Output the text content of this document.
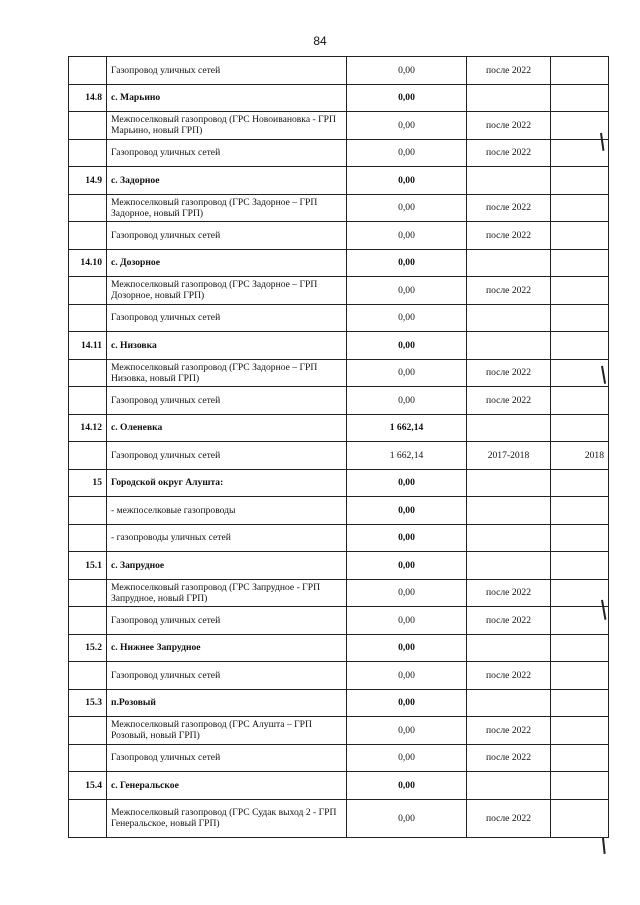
84
	Газопровод уличных сетей	0,00	после 2022	
14.8	с. Марьино	0,00		
	Межпоселковый газопровод (ГРС Новоивановка - ГРП Марьино, новый ГРП)	0,00	после 2022	
	Газопровод уличных сетей	0,00	после 2022	
14.9	с. Задорное	0,00		
	Межпоселковый газопровод (ГРС Задорное – ГРП Задорное, новый ГРП)	0,00	после 2022	
	Газопровод уличных сетей	0,00	после 2022	
14.10	с. Дозорное	0,00		
	Межпоселковый газопровод (ГРС Задорное – ГРП Дозорное, новый ГРП)	0,00	после 2022	
	Газопровод уличных сетей	0,00		
14.11	с. Низовка	0,00		
	Межпоселковый газопровод (ГРС Задорное – ГРП Низовка, новый ГРП)	0,00	после 2022	
	Газопровод уличных сетей	0,00	после 2022	
14.12	с. Оленевка	1 662,14		
	Газопровод уличных сетей	1 662,14	2017-2018	2018
15	Городской округ Алушта:	0,00		
	- межпоселковые газопроводы	0,00		
	- газопроводы уличных сетей	0,00		
15.1	с. Запрудное	0,00		
	Межпоселковый газопровод (ГРС Запрудное - ГРП Запрудное, новый ГРП)	0,00	после 2022	
	Газопровод уличных сетей	0,00	после 2022	
15.2	с. Нижнее Запрудное	0,00		
	Газопровод уличных сетей	0,00	после 2022	
15.3	п.Розовый	0,00		
	Межпоселковый газопровод (ГРС Алушта – ГРП Розовый, новый ГРП)	0,00	после 2022	
	Газопровод уличных сетей	0,00	после 2022	
15.4	с. Генеральское	0,00		
	Межпоселковый газопровод (ГРС Судак выход 2 - ГРП Генеральское, новый ГРП)	0,00	после 2022	
